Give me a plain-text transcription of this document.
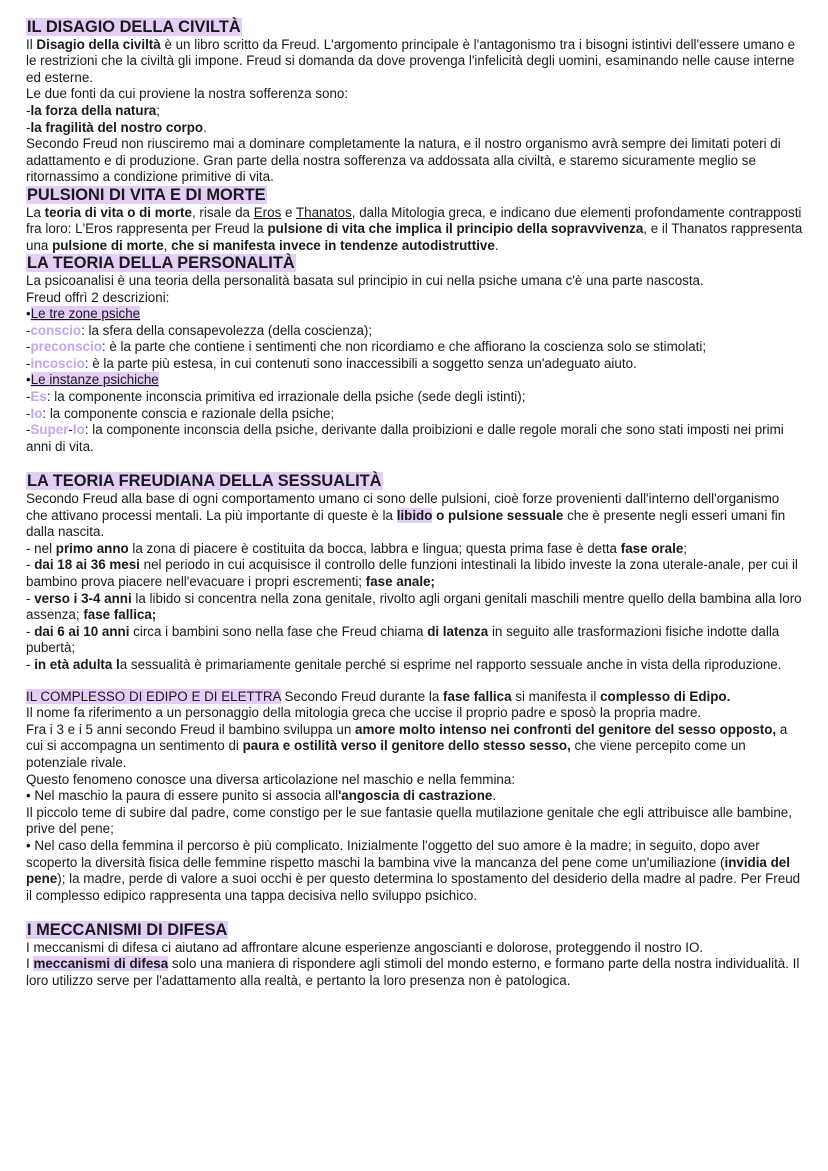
IL DISAGIO DELLA CIVILTÀ

Il Disagio della civiltà è un libro scritto da Freud. L'argomento principale è l'antagonismo tra i bisogni istintivi dell'essere umano e le restrizioni che la civiltà gli impone. Freud si domanda da dove provenga l'infelicità degli uomini, esaminando nelle cause interne ed esterne.

Le due fonti da cui proviene la nostra sofferenza sono:

-la forza della natura;

-la fragilità del nostro corpo.

Secondo Freud non riusciremo mai a dominare completamente la natura, e il nostro organismo avrà sempre dei limitati poteri di adattamento e di produzione. Gran parte della nostra sofferenza va addossata alla civiltà, e staremo sicuramente meglio se ritornassimo a condizione primitive di vita.

PULSIONI DI VITA E DI MORTE

La teoria di vita o di morte, risale da Eros e Thanatos, dalla Mitologia greca, e indicano due elementi profondamente contrapposti fra loro: L'Eros rappresenta per Freud la pulsione di vita che implica il principio della sopravvivenza, e il Thanatos rappresenta una pulsione di morte, che si manifesta invece in tendenze autodistruttive.

LA TEORIA DELLA PERSONALITÀ

La psicoanalisi è una teoria della personalità basata sul principio in cui nella psiche umana c'è una parte nascosta.

Freud offrì 2 descrizioni:

•Le tre zone psiche

-conscio: la sfera della consapevolezza (della coscienza);

-preconscio: è la parte che contiene i sentimenti che non ricordiamo e che affiorano la coscienza solo se stimolati;

-incoscio: è la parte più estesa, in cui contenuti sono inaccessibili a soggetto senza un'adeguato aiuto.

•Le instanze psichiche

-Es: la componente inconscia primitiva ed irrazionale della psiche (sede degli istinti);

-Io: la componente conscia e razionale della psiche;

-Super-Io: la componente inconscia della psiche, derivante dalla proibizioni e dalle regole morali che sono stati imposti nei primi anni di vita.

LA TEORIA FREUDIANA DELLA SESSUALITÀ

Secondo Freud alla base di ogni comportamento umano ci sono delle pulsioni, cioè forze provenienti dall'interno dell'organismo che attivano processi mentali. La più importante di queste è la libido o pulsione sessuale che è presente negli esseri umani fin dalla nascita.

- nel primo anno la zona di piacere è costituita da bocca, labbra e lingua; questa prima fase è detta fase orale;

- dai 18 ai 36 mesi nel periodo in cui acquisisce il controllo delle funzioni intestinali la libido investe la zona uterale-anale, per cui il bambino prova piacere nell'evacuare i propri escrementi; fase anale;

- verso i 3-4 anni la libido si concentra nella zona genitale, rivolto agli organi genitali maschili mentre quello della bambina alla loro assenza; fase fallica;

- dai 6 ai 10 anni circa i bambini sono nella fase che Freud chiama di latenza in seguito alle trasformazioni fisiche indotte dalla pubertà;

- in età adulta la sessualità è primariamente genitale perché si esprime nel rapporto sessuale anche in vista della riproduzione.

IL COMPLESSO DI EDIPO E DI ELETTRA Secondo Freud durante la fase fallica si manifesta il complesso di Edipo.

Il nome fa riferimento a un personaggio della mitologia greca che uccise il proprio padre e sposò la propria madre.

Fra i 3 e i 5 anni secondo Freud il bambino sviluppa un amore molto intenso nei confronti del genitore del sesso opposto, a cui si accompagna un sentimento di paura e ostilità verso il genitore dello stesso sesso, che viene percepito come un potenziale rivale.

Questo fenomeno conosce una diversa articolazione nel maschio e nella femmina:

• Nel maschio la paura di essere punito si associa all'angoscia di castrazione.

Il piccolo teme di subire dal padre, come constigo per le sue fantasie quella mutilazione genitale che egli attribuisce alle bambine, prive del pene;

• Nel caso della femmina il percorso è più complicato. Inizialmente l'oggetto del suo amore è la madre; in seguito, dopo aver scoperto la diversità fisica delle femmine rispetto maschi la bambina vive la mancanza del pene come un'umiliazione (invidia del pene); la madre, perde di valore a suoi occhi è per questo determina lo spostamento del desiderio della madre al padre. Per Freud il complesso edipico rappresenta una tappa decisiva nello sviluppo psichico.

I MECCANISMI DI DIFESA

I meccanismi di difesa ci aiutano ad affrontare alcune esperienze angoscianti e dolorose, proteggendo il nostro IO.

I meccanismi di difesa solo una maniera di rispondere agli stimoli del mondo esterno, e formano parte della nostra individualità. Il loro utilizzo serve per l'adattamento alla realtà, e pertanto la loro presenza non è patologica.
